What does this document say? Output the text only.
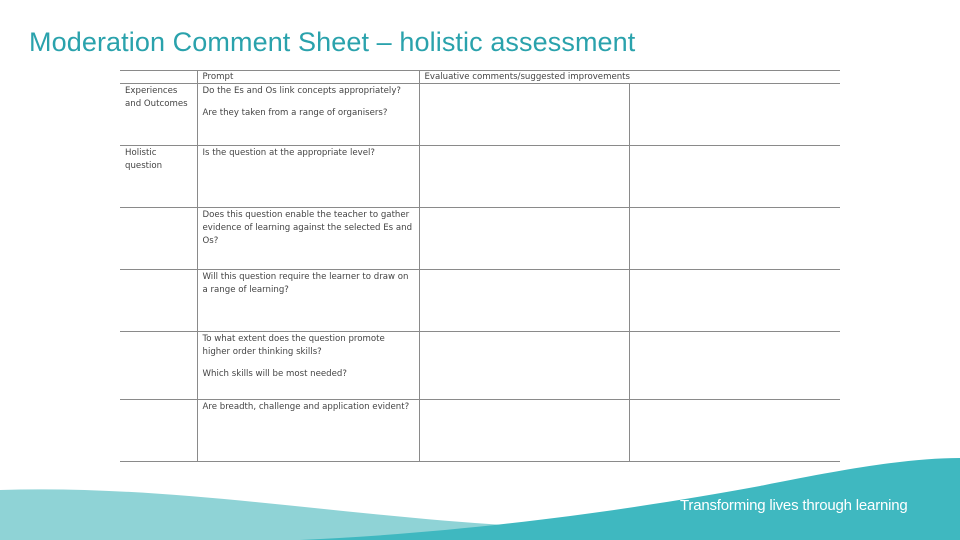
Moderation Comment Sheet – holistic assessment
	Prompt	Evaluative comments/suggested improvements	
Experiences and Outcomes	Do the Es and Os link concepts appropriately?
Are they taken from a range of organisers?		

Holistic question	Is the question at the appropriate level?		
	Does this question enable the teacher to gather evidence of learning against the selected Es and Os?		
	Will this question require the learner to draw on a range of learning?		
	To what extent does the question promote higher order thinking skills?
Which skills will be most needed?		

	Are breadth, challenge and application evident?		
Transforming lives through learning
